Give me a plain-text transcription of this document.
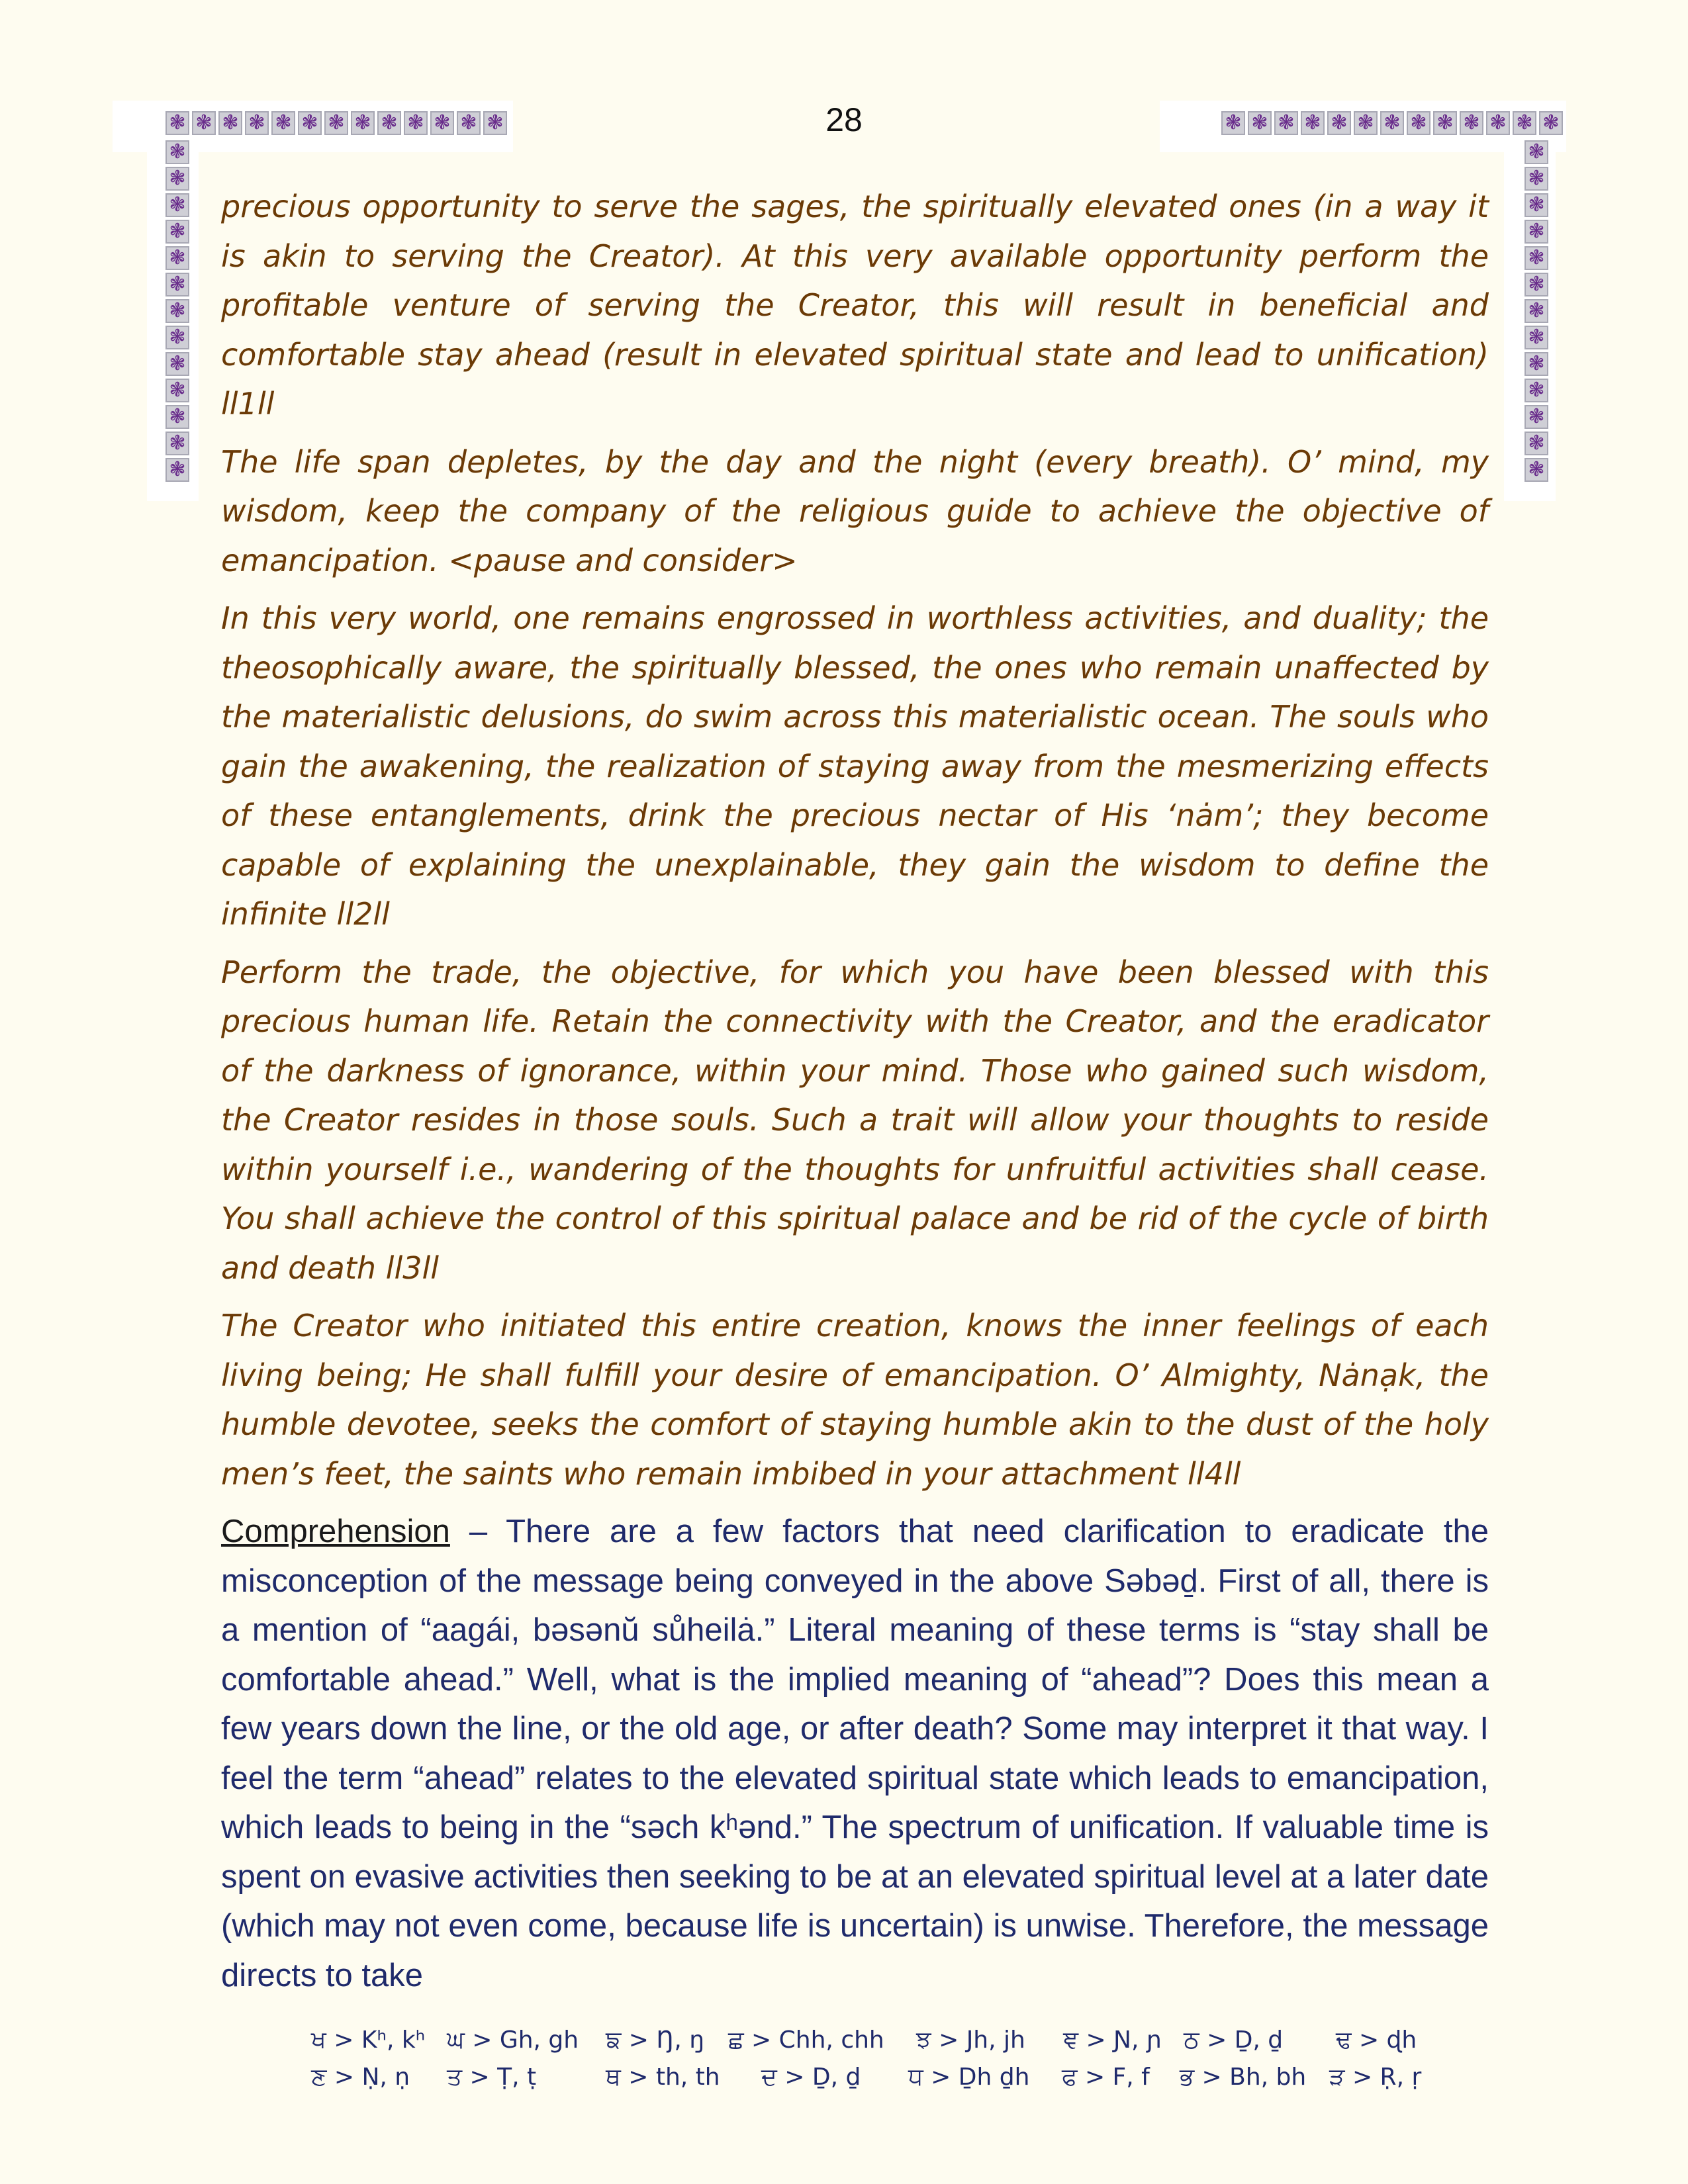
❃ ❃ ❃ ❃ ❃ ❃ ❃ ❃ ❃ ❃ ❃ ❃ ❃	❃ ❃ ❃ ❃ ❃ ❃ ❃ ❃ ❃ ❃ ❃ ❃ ❃
❃
❃
❃
❃
❃
❃
❃
❃
❃
❃
❃
❃
❃
❃
❃
❃
❃
❃
❃
❃
❃
❃
❃
❃
❃
❃
28

precious opportunity to serve the sages, the spiritually elevated ones (in a way it is akin to serving the Creator). At this very available opportunity perform the profitable venture of serving the Creator, this will result in beneficial and comfortable stay ahead (result in elevated spiritual state and lead to unification) ll1ll

The life span depletes, by the day and the night (every breath). O’ mind, my wisdom, keep the company of the religious guide to achieve the objective of emancipation. <pause and consider>

In this very world, one remains engrossed in worthless activities, and duality; the theosophically aware, the spiritually blessed, the ones who remain unaffected by the materialistic delusions, do swim across this materialistic ocean. The souls who gain the awakening, the realization of staying away from the mesmerizing effects of these entanglements, drink the precious nectar of His ‘nȧm’; they become capable of explaining the unexplainable, they gain the wisdom to define the infinite ll2ll

Perform the trade, the objective, for which you have been blessed with this precious human life. Retain the connectivity with the Creator, and the eradicator of the darkness of ignorance, within your mind. Those who gained such wisdom, the Creator resides in those souls. Such a trait will allow your thoughts to reside within yourself i.e., wandering of the thoughts for unfruitful activities shall cease. You shall achieve the control of this spiritual palace and be rid of the cycle of birth and death ll3ll

The Creator who initiated this entire creation, knows the inner feelings of each living being; He shall fulfill your desire of emancipation. O’ Almighty, Nȧnạk, the humble devotee, seeks the comfort of staying humble akin to the dust of the holy men’s feet, the saints who remain imbibed in your attachment ll4ll

Comprehension – There are a few factors that need clarification to eradicate the misconception of the message being conveyed in the above Səbəḏ. First of all, there is a mention of “aagái, bəsənŭ sůheilȧ.” Literal meaning of these terms is “stay shall be comfortable ahead.” Well, what is the implied meaning of “ahead”? Does this mean a few years down the line, or the old age, or after death? Some may interpret it that way. I feel the term “ahead” relates to the elevated spiritual state which leads to emancipation, which leads to being in the “səch kʰənd.” The spectrum of unification. If valuable time is spent on evasive activities then seeking to be at an elevated spiritual level at a later date (which may not even come, because life is uncertain) is unwise. Therefore, the message directs to take

ਖ > Kʰ, kʰ ਘ > Gh, gh	ਙ > Ŋ, ŋ ਛ > Chh, chh	ਝ > Jh, jh	ਞ > Ɲ, ɲ ਠ > Ḏ, ḏ	ਢ > ɖh
ਣ > Ṇ, ṇ	ਤ > Ṭ, ṭ	ਥ > th, th	ਦ > Ḏ, ḏ	ਧ > Ḏh ḏh	ਫ > F, f	ਭ > Bh, bh ੜ > Ṛ, ṛ
